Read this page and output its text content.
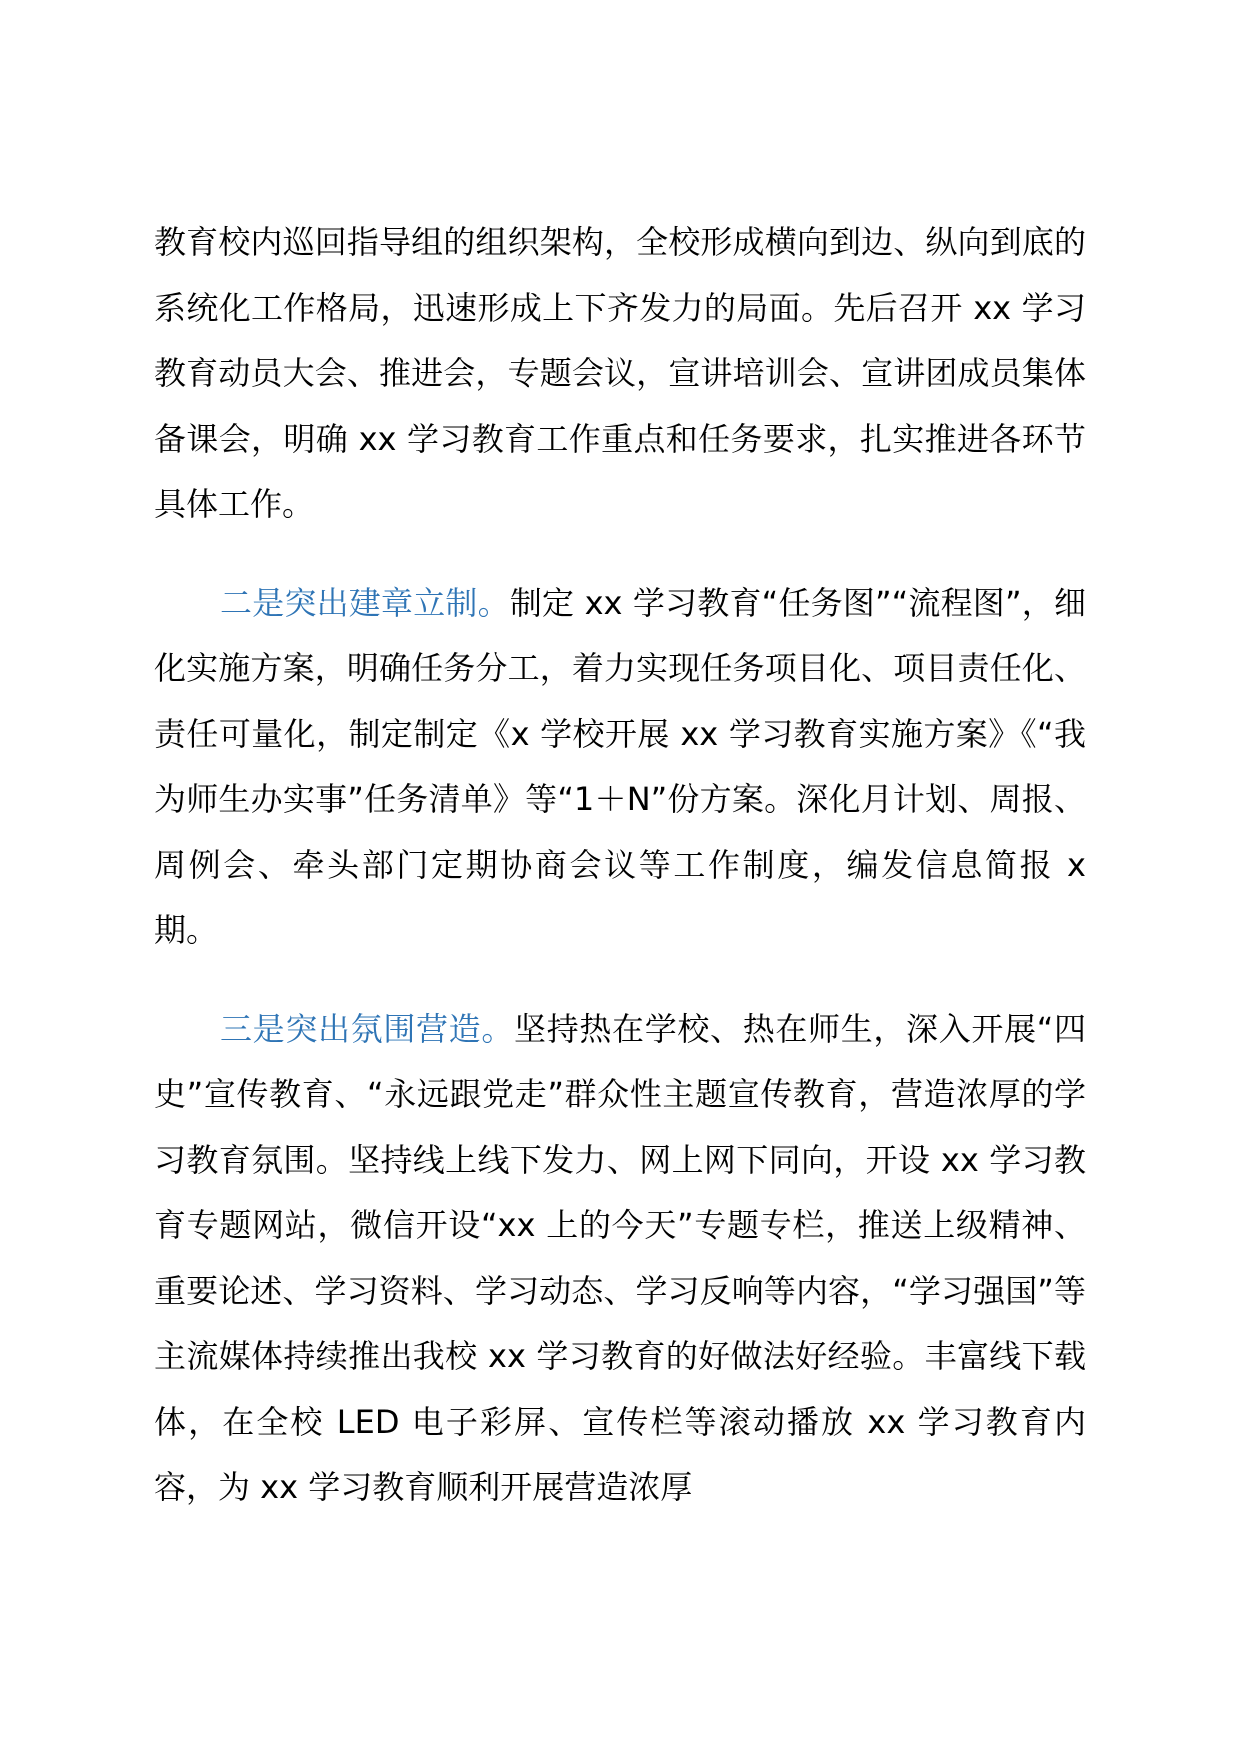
教育校内巡回指导组的组织架构，全校形成横向到边、纵向到底的系统化工作格局，迅速形成上下齐发力的局面。先后召开 xx 学习教育动员大会、推进会，专题会议，宣讲培训会、宣讲团成员集体备课会，明确 xx 学习教育工作重点和任务要求，扎实推进各环节具体工作。

二是突出建章立制。制定 xx 学习教育“任务图”“流程图”，细化实施方案，明确任务分工，着力实现任务项目化、项目责任化、责任可量化，制定制定《x 学校开展 xx 学习教育实施方案》《“我为师生办实事”任务清单》等“1＋N”份方案。深化月计划、周报、周例会、牵头部门定期协商会议等工作制度，编发信息简报 x 期。

三是突出氛围营造。坚持热在学校、热在师生，深入开展“四史”宣传教育、“永远跟党走”群众性主题宣传教育，营造浓厚的学习教育氛围。坚持线上线下发力、网上网下同向，开设 xx 学习教育专题网站，微信开设“xx 上的今天”专题专栏，推送上级精神、重要论述、学习资料、学习动态、学习反响等内容，“学习强国”等主流媒体持续推出我校 xx 学习教育的好做法好经验。丰富线下载体，在全校 LED 电子彩屏、宣传栏等滚动播放 xx 学习教育内容，为 xx 学习教育顺利开展营造浓厚
